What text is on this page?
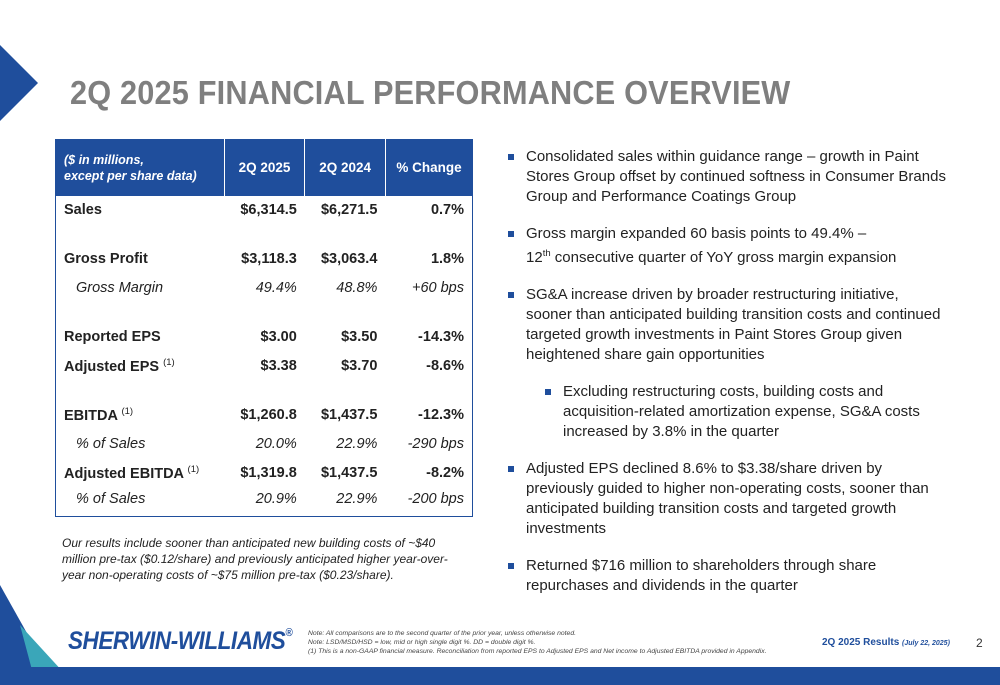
2Q 2025 FINANCIAL PERFORMANCE OVERVIEW
($ in millions,
except per share data)	2Q 2025	2Q 2024	% Change
Sales	$6,314.5	$6,271.5	0.7%

Gross Profit	$3,118.3	$3,063.4	1.8%
Gross Margin	49.4%	48.8%	+60 bps

Reported EPS	$3.00	$3.50	-14.3%
Adjusted EPS $^{(1)}$	$3.38	$3.70	-8.6%

EBITDA $^{(1)}$	$1,260.8	$1,437.5	-12.3%
% of Sales	20.0%	22.9%	-290 bps
Adjusted EBITDA $^{(1)}$	$1,319.8	$1,437.5	-8.2%
% of Sales	20.9%	22.9%	-200 bps

Our results include sooner than anticipated new building costs of ~$40 million pre-tax ($0.12/share) and previously anticipated higher year-over-year non-operating costs of ~$75 million pre-tax ($0.23/share).

Consolidated sales within guidance range – growth in Paint Stores Group offset by continued softness in Consumer Brands Group and Performance Coatings Group
Gross margin expanded 60 basis points to 49.4% –
12th consecutive quarter of YoY gross margin expansion
SG&A increase driven by broader restructuring initiative, sooner than anticipated building transition costs and continued targeted growth investments in Paint Stores Group given heightened share gain opportunities
Excluding restructuring costs, building costs and acquisition-related amortization expense, SG&A costs increased by 3.8% in the quarter
Adjusted EPS declined 8.6% to $3.38/share driven by previously guided to higher non-operating costs, sooner than anticipated building transition costs and targeted growth investments
Returned $716 million to shareholders through share repurchases and dividends in the quarter
SHERWIN-WILLIAMS® Note: All comparisons are to the second quarter of the prior year, unless otherwise noted.
Note: LSD/MSD/HSD = low, mid or high single digit %. DD = double digit %.
(1) This is a non-GAAP financial measure. Reconciliation from reported EPS to Adjusted EPS and Net income to Adjusted EBITDA provided in Appendix.
2Q 2025 Results (July 22, 2025) 2
